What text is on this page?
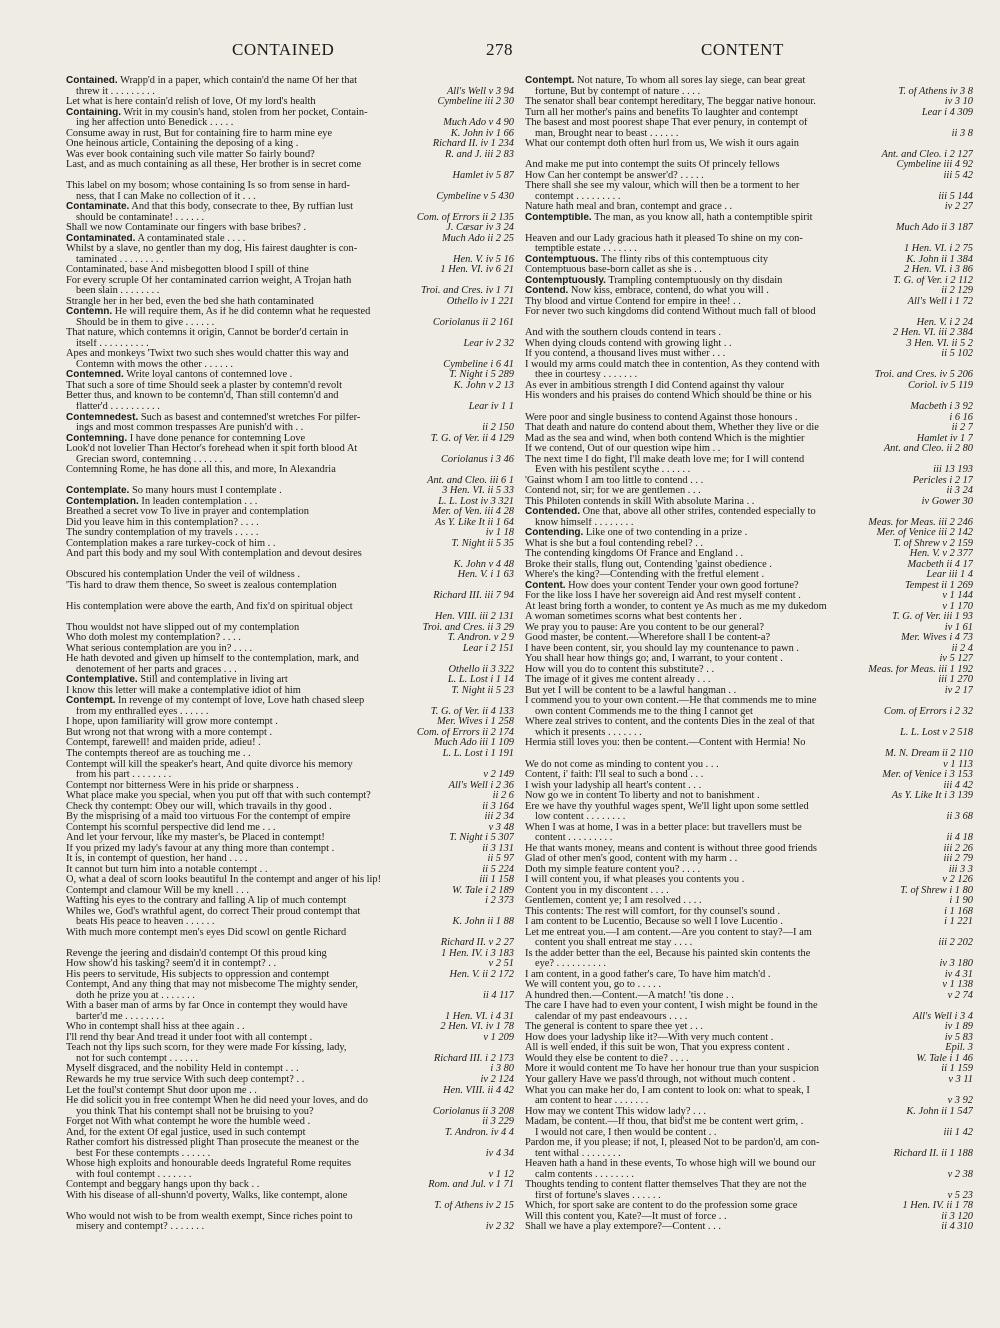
CONTAINED	278	CONTENT
Contained. Wrapp'd in a paper, which contain'd the name Of her that
All's Well v 3 94
threw it . . . . . . . . .
Cymbeline iii 2 30
Let what is here contain'd relish of love, Of my lord's health
Containing. Writ in my cousin's hand, stolen from her pocket, Contain-
Much Ado v 4 90
ing her affection unto Benedick . . . . .
K. John iv 1 66
Consume away in rust, But for containing fire to harm mine eye
Richard II. iv 1 234
One heinous article, Containing the deposing of a king .
R. and J. iii 2 83
Was ever book containing such vile matter So fairly bound?
Last, and as much containing as all these, Her brother is in secret come
Hamlet iv 5 87
This label on my bosom; whose containing Is so from sense in hard-
Cymbeline v 5 430
ness, that I can Make no collection of it . . .
Contaminate. And that this body, consecrate to thee, By ruffian lust
Com. of Errors ii 2 135
should be contaminate! . . . . . .
J. Cæsar iv 3 24
Shall we now Contaminate our fingers with base bribes? .
Much Ado ii 2 25
Contaminated. A contaminated stale . . . .
Whilst by a slave, no gentler than my dog, His fairest daughter is con-
Hen. V. iv 5 16
taminated . . . . . . . . .
1 Hen. VI. iv 6 21
Contaminated, base And misbegotten blood I spill of thine
For every scruple Of her contaminated carrion weight, A Trojan hath
Troi. and Cres. iv 1 71
been slain . . . . . . . .
Othello iv 1 221
Strangle her in her bed, even the bed she hath contaminated
Contemn. He will require them, As if he did contemn what he requested
Coriolanus ii 2 161
Should be in them to give . . . . . .
That nature, which contemns it origin, Cannot be border'd certain in
Lear iv 2 32
itself . . . . . . . . . .
Apes and monkeys 'Twixt two such shes would chatter this way and
Cymbeline i 6 41
Contemn with mows the other . . . . . .
T. Night i 5 289
Contemned. Write loyal cantons of contemned love .
K. John v 2 13
That such a sore of time Should seek a plaster by contemn'd revolt
Better thus, and known to be contemn'd, Than still contemn'd and
Lear iv 1 1
flatter'd . . . . . . . . . .
Contemnedest. Such as basest and contemned'st wretches For pilfer-
ii 2 150
ings and most common trespasses Are punish'd with . .
T. G. of Ver. ii 4 129
Contemning. I have done penance for contemning Love
Look'd not lovelier Than Hector's forehead when it spit forth blood At
Coriolanus i 3 46
Grecian sword, contemning . . . . . .
Contemning Rome, he has done all this, and more, In Alexandria
Ant. and Cleo. iii 6 1
3 Hen. VI. ii 5 33
Contemplate. So many hours must I contemplate .
L. L. Lost iv 3 321
Contemplation. In leaden contemplation . . .
Mer. of Ven. iii 4 28
Breathed a secret vow To live in prayer and contemplation
As Y. Like It ii 1 64
Did you leave him in this contemplation? . . . .
iv 1 18
The sundry contemplation of my travels . . . . .
T. Night ii 5 35
Contemplation makes a rare turkey-cock of him . .
And part this body and my soul With contemplation and devout desires
K. John v 4 48
Hen. V. i 1 63
Obscured his contemplation Under the veil of wildness .
'Tis hard to draw them thence, So sweet is zealous contemplation
Richard III. iii 7 94
His contemplation were above the earth, And fix'd on spiritual object
Hen. VIII. iii 2 131
Troi. and Cres. ii 3 29
Thou wouldst not have slipped out of my contemplation
T. Andron. v 2 9
Who doth molest my contemplation? . . . .
Lear i 2 151
What serious contemplation are you in? . . . .
He hath devoted and given up himself to the contemplation, mark, and
Othello ii 3 322
denotement of her parts and graces . . .
L. L. Lost i 1 14
Contemplative. Still and contemplative in living art
T. Night ii 5 23
I know this letter will make a contemplative idiot of him
Contempt. In revenge of my contempt of love, Love hath chased sleep
T. G. of Ver. ii 4 133
from my enthralled eyes . . . . . .
Mer. Wives i 1 258
I hope, upon familiarity will grow more contempt .
Com. of Errors ii 2 174
But wrong not that wrong with a more contempt .
Much Ado iii 1 109
Contempt, farewell! and maiden pride, adieu! .
L. L. Lost i 1 191
The contempts thereof are as touching me . .
Contempt will kill the speaker's heart, And quite divorce his memory
v 2 149
from his part . . . . . . . .
All's Well i 2 36
Contempt nor bitterness Were in his pride or sharpness .
ii 2 6
What place make you special, when you put off that with such contempt?
ii 3 164
Check thy contempt: Obey our will, which travails in thy good .
iii 2 34
By the misprising of a maid too virtuous For the contempt of empire
v 3 48
Contempt his scornful perspective did lend me . . .
T. Night i 5 307
And let your fervour, like my master's, be Placed in contempt!
ii 3 131
If you prized my lady's favour at any thing more than contempt .
ii 5 97
It is, in contempt of question, her hand . . . .
ii 5 224
It cannot but turn him into a notable contempt . .
iii 1 158
O, what a deal of scorn looks beautiful In the contempt and anger of his lip!
W. Tale i 2 189
Contempt and clamour Will be my knell . . .
i 2 373
Wafting his eyes to the contrary and falling A lip of much contempt
Whiles we, God's wrathful agent, do correct Their proud contempt that
K. John ii 1 88
beats His peace to heaven . . . . . .
With much more contempt men's eyes Did scowl on gentle Richard
Richard II. v 2 27
1 Hen. IV. i 3 183
Revenge the jeering and disdain'd contempt Of this proud king
v 2 51
How show'd his tasking? seem'd it in contempt? . .
Hen. V. ii 2 172
His peers to servitude, His subjects to oppression and contempt
Contempt, And any thing that may not misbecome The mighty sender,
ii 4 117
doth he prize you at . . . . . . .
With a baser man of arms by far Once in contempt they would have
1 Hen. VI. i 4 31
barter'd me . . . . . . . .
2 Hen. VI. iv 1 78
Who in contempt shall hiss at thee again . .
v 1 209
I'll rend thy bear And tread it under foot with all contempt .
Teach not thy lips such scorn, for they were made For kissing, lady,
Richard III. i 2 173
not for such contempt . . . . . .
i 3 80
Myself disgraced, and the nobility Held in contempt . . .
iv 2 124
Rewards he my true service With such deep contempt? . .
Hen. VIII. ii 4 42
Let the foul'st contempt Shut door upon me . .
He did solicit you in free contempt When he did need your loves, and do
Coriolanus ii 3 208
you think That his contempt shall not be bruising to you?
ii 3 229
Forget not With what contempt he wore the humble weed .
T. Andron. iv 4 4
And, for the extent Of egal justice, used in such contempt
Rather comfort his distressed plight Than prosecute the meanest or the
iv 4 34
best For these contempts . . . . . .
Whose high exploits and honourable deeds Ingrateful Rome requites
v 1 12
with foul contempt . . . . . . .
Rom. and Jul. v 1 71
Contempt and beggary hangs upon thy back . .
With his disease of all-shunn'd poverty, Walks, like contempt, alone
T. of Athens iv 2 15
Who would not wish to be from wealth exempt, Since riches point to
iv 2 32
misery and contempt? . . . . . . .
Contempt. Not nature, To whom all sores lay siege, can bear great
T. of Athens iv 3 8
fortune, But by contempt of nature . . . .
iv 3 10
The senator shall bear contempt hereditary, The beggar native honour.
Lear i 4 309
Turn all her mother's pains and benefits To laughter and contempt
The basest and most poorest shape That ever penury, in contempt of
ii 3 8
man, Brought near to beast . . . . . .
What our contempt doth often hurl from us, We wish it ours again
Ant. and Cleo. i 2 127
Cymbeline iii 4 92
And make me put into contempt the suits Of princely fellows
iii 5 42
How Can her contempt be answer'd? . . . . .
There shall she see my valour, which will then be a torment to her
iii 5 144
contempt . . . . . . . . .
iv 2 27
Nature hath meal and bran, contempt and grace . .
Contemptible. The man, as you know all, hath a contemptible spirit
Much Ado ii 3 187
Heaven and our Lady gracious hath it pleased To shine on my con-
1 Hen. VI. i 2 75
temptible estate . . . . . . .
K. John ii 1 384
Contemptuous. The flinty ribs of this contemptuous city
2 Hen. VI. i 3 86
Contemptuous base-born callet as she is . .
T. G. of Ver. i 2 112
Contemptuously. Trampling contemptuously on thy disdain
ii 2 129
Contend. Now kiss, embrace, contend, do what you will .
All's Well i 1 72
Thy blood and virtue Contend for empire in thee! . .
For never two such kingdoms did contend Without much fall of blood
Hen. V. i 2 24
2 Hen. VI. iii 2 384
And with the southern clouds contend in tears .
3 Hen. VI. ii 5 2
When dying clouds contend with growing light . .
ii 5 102
If you contend, a thousand lives must wither . . .
I would my arms could match thee in contention, As they contend with
Troi. and Cres. iv 5 206
thee in courtesy . . . . . . .
Coriol. iv 5 119
As ever in ambitious strength I did Contend against thy valour
His wonders and his praises do contend Which should be thine or his
Macbeth i 3 92
i 6 16
Were poor and single business to contend Against those honours .
ii 2 7
That death and nature do contend about them, Whether they live or die
Hamlet iv 1 7
Mad as the sea and wind, when both contend Which is the mightier
Ant. and Cleo. ii 2 80
If we contend, Out of our question wipe him . .
The next time I do fight, I'll make death love me; for I will contend
iii 13 193
Even with his pestilent scythe . . . . . .
Pericles i 2 17
'Gainst whom I am too little to contend . . .
ii 3 24
Contend not, sir; for we are gentlemen . . .
iv Gower 30
This Philoten contends in skill With absolute Marina . .
Contended. One that, above all other strifes, contended especially to
Meas. for Meas. iii 2 246
know himself . . . . . . . .
Mer. of Venice iii 2 142
Contending. Like one of two contending in a prize .
T. of Shrew v 2 159
What is she but a foul contending rebel? . .
Hen. V. v 2 377
The contending kingdoms Of France and England . .
Macbeth ii 4 17
Broke their stalls, flung out, Contending 'gainst obedience .
Lear iii 1 4
Where's the king?—Contending with the fretful element .
Tempest ii 1 269
Content. How does your content Tender your own good fortune?
v 1 144
For the like loss I have her sovereign aid And rest myself content .
v 1 170
At least bring forth a wonder, to content ye As much as me my dukedom
T. G. of Ver. iii 1 93
A woman sometimes scorns what best contents her .
iv 1 61
We pray you to pause: Are you content to be our general?
Mer. Wives i 4 73
Good master, be content.—Wherefore shall I be content-a?
ii 2 4
I have been content, sir, you should lay my countenance to pawn .
iv 5 127
You shall hear how things go; and, I warrant, to your content .
Meas. for Meas. iii 1 192
How will you do to content this substitute? . .
iii 1 270
The image of it gives me content already . . .
iv 2 17
But yet I will be content to be a lawful hangman . .
I commend you to your own content.—He that commends me to mine
Com. of Errors i 2 32
own content Commends me to the thing I cannot get
Where zeal strives to content, and the contents Dies in the zeal of that
L. L. Lost v 2 518
which it presents . . . . . . .
Hermia still loves you: then be content.—Content with Hermia! No
M. N. Dream ii 2 110
v 1 113
We do not come as minding to content you . . .
Mer. of Venice i 3 153
Content, i' faith: I'll seal to such a bond . . .
iii 4 42
I wish your ladyship all heart's content . . .
As Y. Like It i 3 139
Now go we in content To liberty and not to banishment .
Ere we have thy youthful wages spent, We'll light upon some settled
ii 3 68
low content . . . . . . . .
When I was at home, I was in a better place: but travellers must be
ii 4 18
content . . . . . . . . .
iii 2 26
He that wants money, means and content is without three good friends
iii 2 79
Glad of other men's good, content with my harm . .
iii 3 3
Doth my simple feature content you? . . . .
v 2 126
I will content you, if what pleases you contents you .
T. of Shrew i 1 80
Content you in my discontent . . . .
i 1 90
Gentlemen, content ye; I am resolved . . . .
i 1 168
This contents: The rest will comfort, for thy counsel's sound .
i 1 221
I am content to be Lucentio, Because so well I love Lucentio .
Let me entreat you.—I am content.—Are you content to stay?—I am
iii 2 202
content you shall entreat me stay . . . .
Is the adder better than the eel, Because his painted skin contents the
iv 3 180
eye? . . . . . . . . . .
iv 4 31
I am content, in a good father's care, To have him match'd .
v 1 138
We will content you, go to . . . . .
v 2 74
A hundred then.—Content.—A match! 'tis done . .
The care I have had to even your content, I wish might be found in the
All's Well i 3 4
calendar of my past endeavours . . . .
iv 1 89
The general is content to spare thee yet . . .
iv 5 83
How does your ladyship like it?—With very much content .
Epil. 3
All is well ended, if this suit be won, That you express content .
W. Tale i 1 46
Would they else be content to die? . . . .
ii 1 159
More it would content me To have her honour true than your suspicion
v 3 11
Your gallery Have we pass'd through, not without much content .
What you can make her do, I am content to look on: what to speak, I
v 3 92
am content to hear . . . . . . .
K. John ii 1 547
How may we content This widow lady? . . .
Madam, be content.—If thou, that bid'st me be content wert grim, .
iii 1 42
I would not care, I then would be content . .
Pardon me, if you please; if not, I, pleased Not to be pardon'd, am con-
Richard II. ii 1 188
tent withal . . . . . . . .
Heaven hath a hand in these events, To whose high will we bound our
v 2 38
calm contents . . . . . . . .
Thoughts tending to content flatter themselves That they are not the
v 5 23
first of fortune's slaves . . . . . .
1 Hen. IV. ii 1 78
Which, for sport sake are content to do the profession some grace
ii 3 120
Will this content you, Kate?—It must of force . .
ii 4 310
Shall we have a play extempore?—Content . . .
